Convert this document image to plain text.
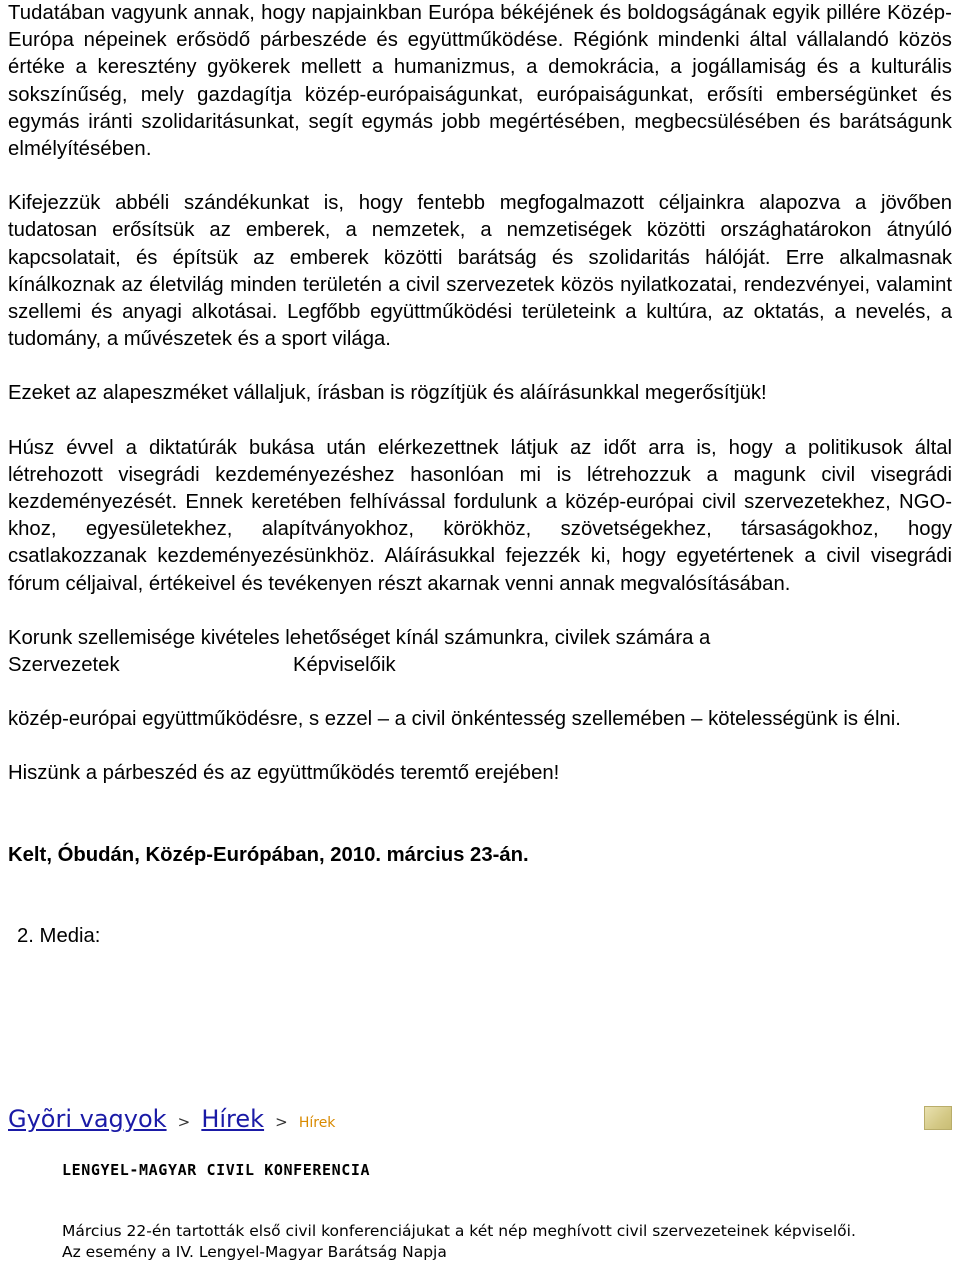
Tudatában vagyunk annak, hogy napjainkban Európa békéjének és boldogságának egyik pillére Közép-Európa népeinek erősödő párbeszéde és együttműködése. Régiónk mindenki által vállalandó közös értéke a keresztény gyökerek mellett a humanizmus, a demokrácia, a jogállamiság és a kulturális sokszínűség, mely gazdagítja közép-európaiságunkat, európaiságunkat, erősíti emberségünket és egymás iránti szolidaritásunkat, segít egymás jobb megértésében, megbecsülésében és barátságunk elmélyítésében.

Kifejezzük abbéli szándékunkat is, hogy fentebb megfogalmazott céljainkra alapozva a jövőben tudatosan erősítsük az emberek, a nemzetek, a nemzetiségek közötti országhatárokon átnyúló kapcsolatait, és építsük az emberek közötti barátság és szolidaritás hálóját. Erre alkalmasnak kínálkoznak az életvilág minden területén a civil szervezetek közös nyilatkozatai, rendezvényei, valamint szellemi és anyagi alkotásai. Legfőbb együttműködési területeink a kultúra, az oktatás, a nevelés, a tudomány, a művészetek és a sport világa.

Ezeket az alapeszméket vállaljuk, írásban is rögzítjük és aláírásunkkal megerősítjük!

Húsz évvel a diktatúrák bukása után elérkezettnek látjuk az időt arra is, hogy a politikusok által létrehozott visegrádi kezdeményezéshez hasonlóan mi is létrehozzuk a magunk civil visegrádi kezdeményezését. Ennek keretében felhívással fordulunk a közép-európai civil szervezetekhez, NGO-khoz, egyesületekhez, alapítványokhoz, körökhöz, szövetségekhez, társaságokhoz, hogy csatlakozzanak kezdeményezésünkhöz. Aláírásukkal fejezzék ki, hogy egyetértenek a civil visegrádi fórum céljaival, értékeivel és tevékenyen részt akarnak venni annak megvalósításában.

Korunk szellemisége kivételes lehetőséget kínál számunkra, civilek számára a

Szervezetek	Képviselőik

közép-európai együttműködésre, s ezzel – a civil önkéntesség szellemében – kötelességünk is élni.

Hiszünk a párbeszéd és az együttműködés teremtő erejében!

Kelt, Óbudán, Közép-Európában, 2010. március 23-án.

2. Media:

Gyõri vagyok > Hírek > Hírek
LENGYEL-MAGYAR CIVIL KONFERENCIA
Március 22-én tartották első civil konferenciájukat a két nép meghívott civil szervezeteinek képviselői. Az esemény a IV. Lengyel-Magyar Barátság Napja
